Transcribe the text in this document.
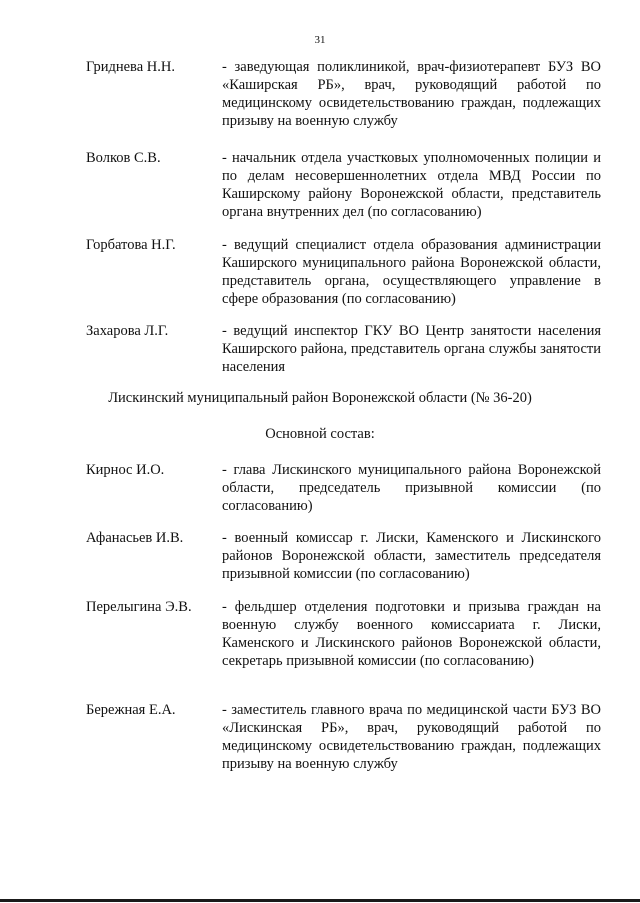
31
Гриднева Н.Н.	- заведующая поликлиникой, врач-физиотерапевт БУЗ ВО «Каширская РБ», врач, руководящий работой по медицинскому освидетельствованию граждан, подлежащих призыву на военную службу
Волков С.В.	- начальник отдела участковых уполномоченных полиции и по делам несовершеннолетних отдела МВД России по Каширскому району Воронежской области, представитель органа внутренних дел (по согласованию)
Горбатова Н.Г.	- ведущий специалист отдела образования администрации Каширского муниципального района Воронежской области, представитель органа, осуществляющего управление в сфере образования (по согласованию)
Захарова Л.Г.	- ведущий инспектор ГКУ ВО Центр занятости населения Каширского района, представитель органа службы занятости населения
Лискинский муниципальный район Воронежской области (№ 36-20)
Основной состав:
Кирнос И.О.	- глава Лискинского муниципального района Воронежской области, председатель призывной комиссии (по согласованию)
Афанасьев И.В.	- военный комиссар г. Лиски, Каменского и Лискинского районов Воронежской области, заместитель председателя призывной комиссии (по согласованию)
Перелыгина Э.В. - фельдшер отделения подготовки и призыва граждан на военную службу военного комиссариата г. Лиски, Каменского и Лискинского районов Воронежской области, секретарь призывной комиссии (по согласованию)
Бережная Е.А.	- заместитель главного врача по медицинской части БУЗ ВО «Лискинская РБ», врач, руководящий работой по медицинскому освидетельствованию граждан, подлежащих призыву на военную службу
